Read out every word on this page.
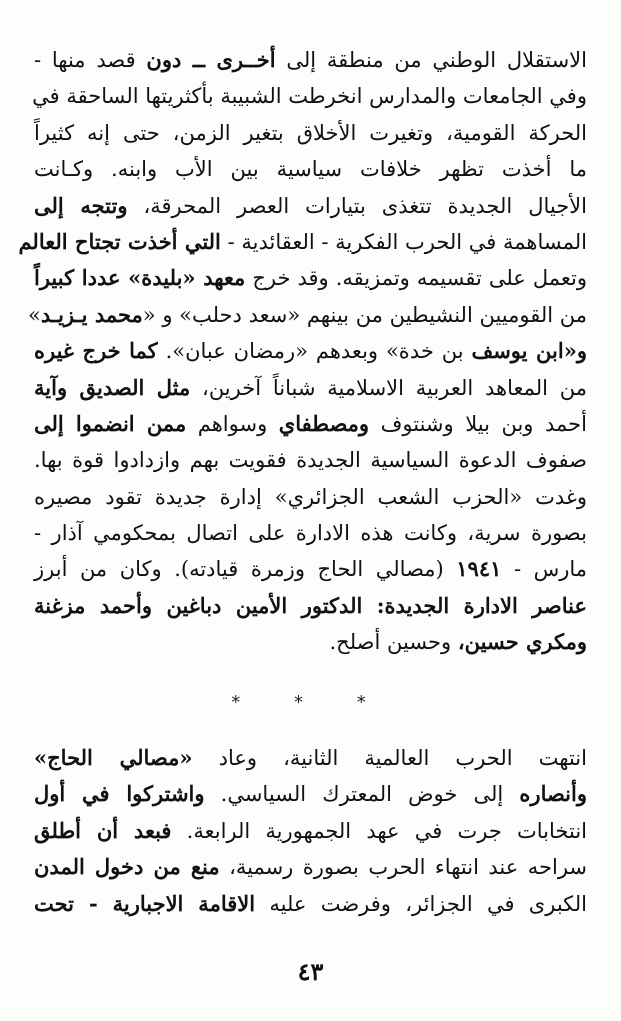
الاستقلال الوطني من منطقة إلى أخــرى ــ دون قصد منها -
وفي الجامعات والمدارس انخرطت الشبيبة بأكثريتها الساحقة في
الحركة القومية، وتغيرت الأخلاق بتغير الزمن، حتى إنه كثيراً
ما أخذت تظهر خلافات سياسية بين الأب وابنه. وكـانت
الأجيال الجديدة تتغذى بتيارات العصر المحرقة، وتتجه إلى
المساهمة في الحرب الفكرية - العقائدية - التي أخذت تجتاح العالم
وتعمل على تقسيمه وتمزيقه. وقد خرج معهد «بليدة» عددا كبيراً
من القوميين النشيطين من بينهم «سعد دحلب» و «محمد يـزيـد»
و«ابن يوسف بن خدة» وبعدهم «رمضان عبان». كما خرج غيره
من المعاهد العربية الاسلامية شباناً آخرين، مثل الصديق وآية
أحمد وبن بيلا وشنتوف ومصطفاي وسواهم ممن انضموا إلى
صفوف الدعوة السياسية الجديدة فقويت بهم وازدادوا قوة بها.
وغدت «الحزب الشعب الجزائري» إدارة جديدة تقود مصيره
بصورة سرية، وكانت هذه الادارة على اتصال بمحكومي آذار -
مارس - ١٩٤١ (مصالي الحاج وزمرة قيادته). وكان من أبرز
عناصر الادارة الجديدة: الدكتور الأمين دباغين وأحمد مزغنة
ومكري حسين، وحسين أصلح.
* * *
انتهت الحرب العالمية الثانية، وعاد «مصالي الحاج»
وأنصاره إلى خوض المعترك السياسي. واشتركوا في أول
انتخابات جرت في عهد الجمهورية الرابعة. فبعد أن أطلق
سراحه عند انتهاء الحرب بصورة رسمية، منع من دخول المدن
الكبرى في الجزائر، وفرضت عليه الاقامة الاجبارية - تحت
٤٣
